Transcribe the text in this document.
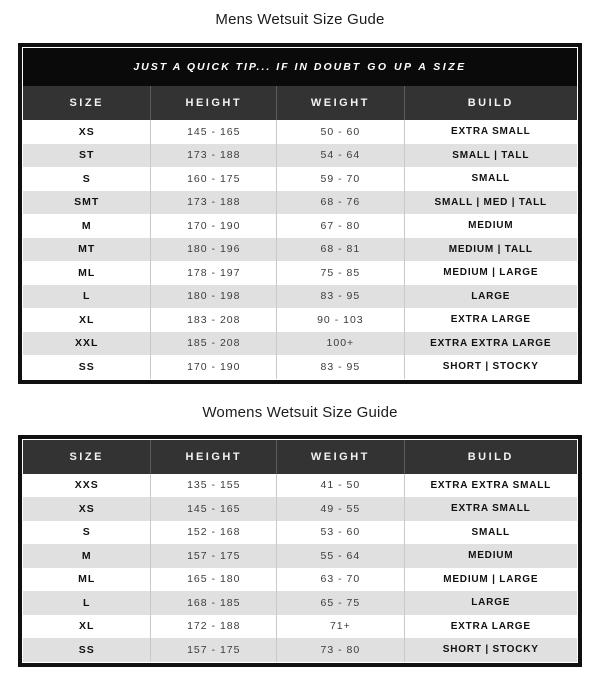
Mens Wetsuit Size Gude
JUST A QUICK TIP... IF IN DOUBT GO UP A SIZE
SIZE	HEIGHT	WEIGHT	BUILD
XS	145 - 165	50 - 60	EXTRA SMALL
ST	173 - 188	54 - 64	SMALL | TALL
S	160 - 175	59 - 70	SMALL
SMT	173 - 188	68 - 76	SMALL | MED | TALL
M	170 - 190	67 - 80	MEDIUM
MT	180 - 196	68 - 81	MEDIUM | TALL
ML	178 - 197	75 - 85	MEDIUM | LARGE
L	180 - 198	83 - 95	LARGE
XL	183 - 208	90 - 103	EXTRA LARGE
XXL	185 - 208	100+	EXTRA EXTRA LARGE
SS	170 - 190	83 - 95	SHORT | STOCKY
Womens Wetsuit Size Guide
SIZE	HEIGHT	WEIGHT	BUILD
XXS	135 - 155	41 - 50	EXTRA EXTRA SMALL
XS	145 - 165	49 - 55	EXTRA SMALL
S	152 - 168	53 - 60	SMALL
M	157 - 175	55 - 64	MEDIUM
ML	165 - 180	63 - 70	MEDIUM | LARGE
L	168 - 185	65 - 75	LARGE
XL	172 - 188	71+	EXTRA LARGE
SS	157 - 175	73 - 80	SHORT | STOCKY
